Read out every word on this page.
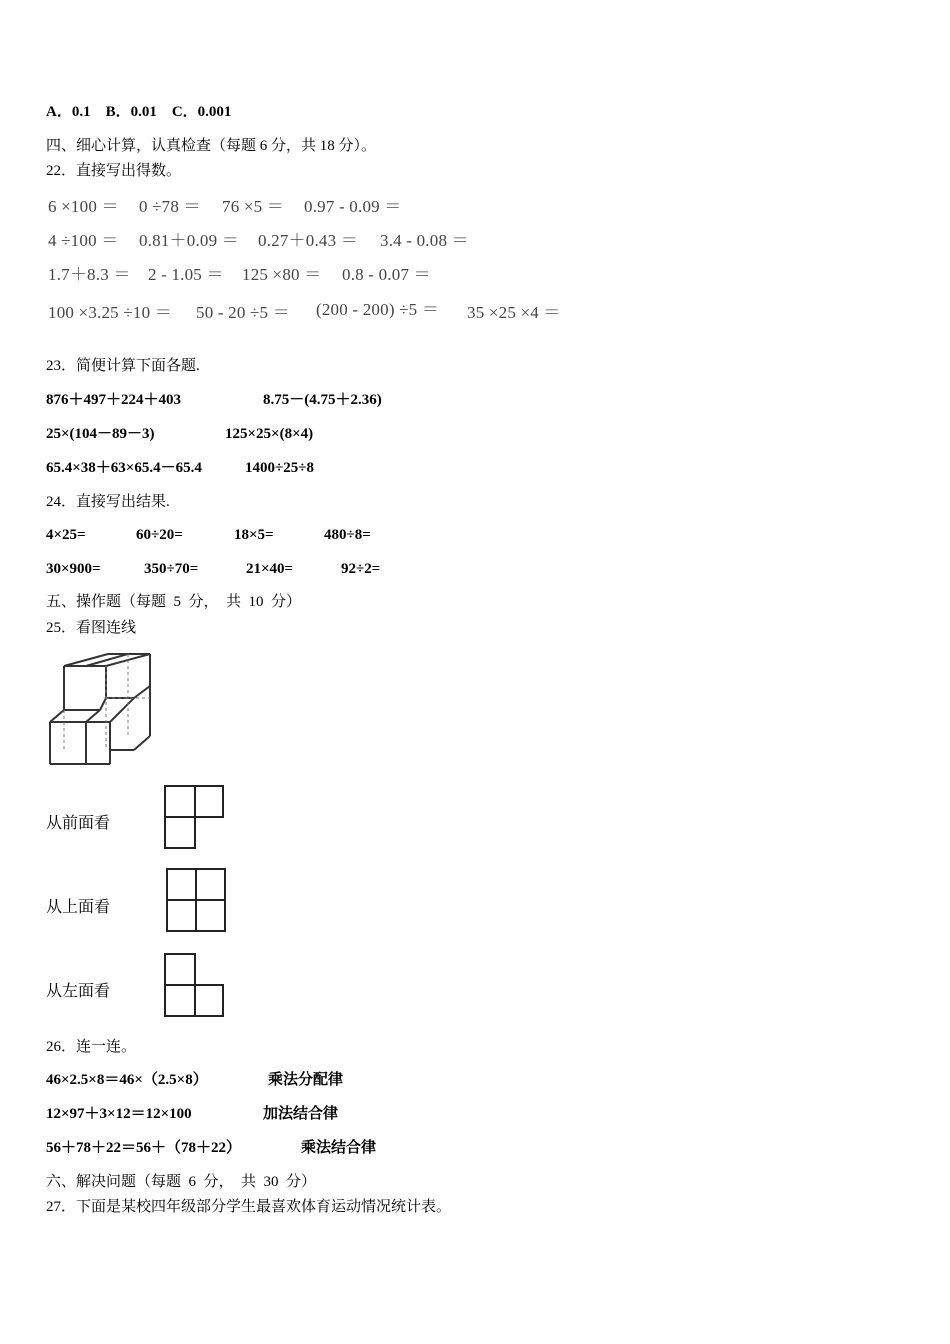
A．0.1　B．0.01　C．0.001
四、细心计算，认真检查（每题 6 分，共 18 分）。
22．直接写出得数。
6 ×100 ＝ 0 ÷78 ＝ 76 ×5 ＝ 0.97 - 0.09 ＝
4 ÷100 ＝ 0.81＋0.09 ＝ 0.27＋0.43 ＝ 3.4 - 0.08 ＝
1.7＋8.3 ＝ 2 - 1.05 ＝ 125 ×80 ＝ 0.8 - 0.07 ＝
100 ×3.25 ÷10 ＝ 50 - 20 ÷5 ＝ (200 - 200) ÷5 ＝ 35 ×25 ×4 ＝
23．简便计算下面各题.
876＋497＋224＋403	8.75－(4.75＋2.36)
25×(104－89－3)	125×25×(8×4)
65.4×38＋63×65.4－65.4	1400÷25÷8
24．直接写出结果.
4×25=	60÷20=	18×5=	480÷8=
30×900=	350÷70=	21×40=	92÷2=
五、操作题（每题  5  分，  共  10  分）
25．看图连线
从前面看
从上面看
从左面看
26．连一连。
46×2.5×8＝46×（2.5×8）	乘法分配律
12×97＋3×12＝12×100	加法结合律
56＋78＋22＝56＋（78＋22）	乘法结合律
六、解决问题（每题  6  分，  共  30  分）
27．下面是某校四年级部分学生最喜欢体育运动情况统计表。
